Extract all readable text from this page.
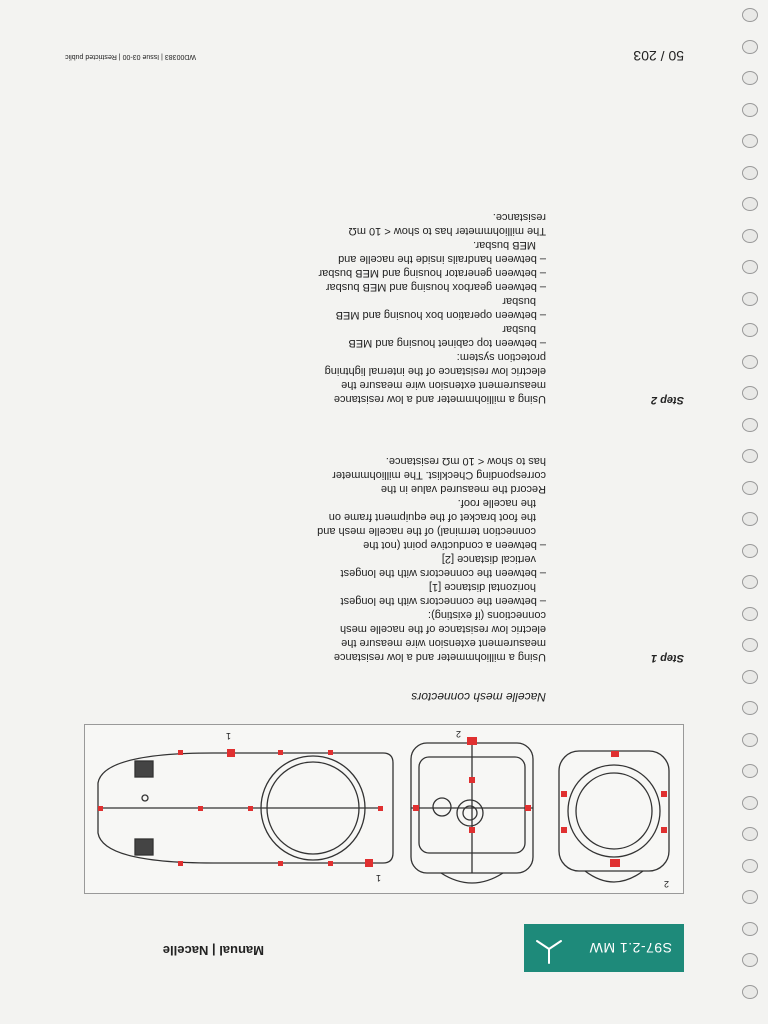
S97-2.1 MW
Manual | Nacelle
2
2
1
1
Nacelle mesh connectors
Step 1

Using a milliohmmeter and a low resistance measurement extension wire measure the electric low resistance of the nacelle mesh connections (if existing):

– between the connectors with the longest horizontal distance [1]

– between the connectors with the longest vertical distance [2]

– between a conductive point (not the connection terminal) of the nacelle mesh and the foot bracket of the equipment frame on the nacelle roof.

Record the measured value in the corresponding Checklist. The milliohmmeter has to show < 10 mΩ resistance.

Step 2

Using a milliohmmeter and a low resistance measurement extension wire measure the electric low resistance of the internal lightning protection system:

– between top cabinet housing and MEB busbar

– between operation box housing and MEB busbar

– between gearbox housing and MEB busbar

– between generator housing and MEB busbar

– between handrails inside the nacelle and MEB busbar.

The milliohmmeter has to show < 10 mΩ resistance.

50 / 203
WD00383 | Issue 03-00 | Restricted public
